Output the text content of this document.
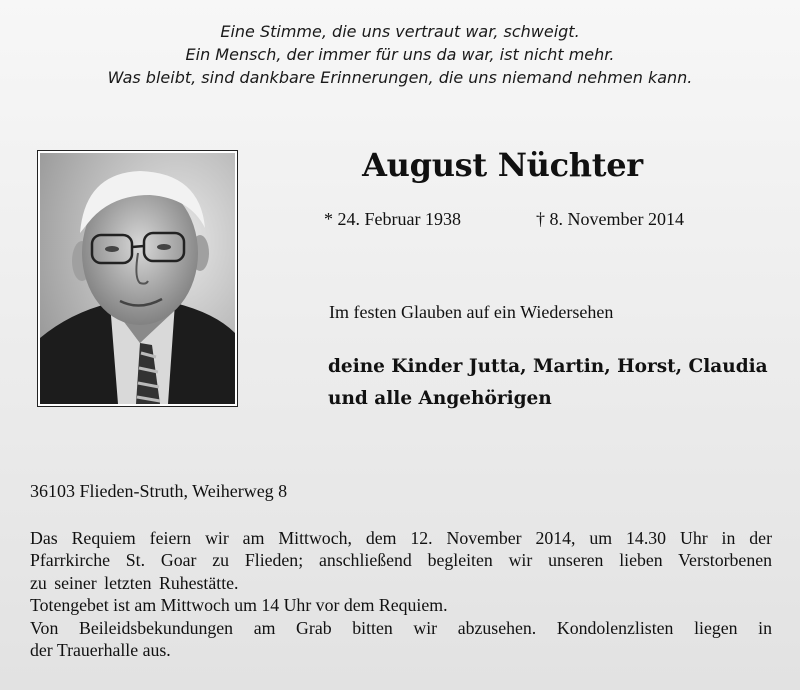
Eine Stimme, die uns vertraut war, schweigt.
Ein Mensch, der immer für uns da war, ist nicht mehr.
Was bleibt, sind dankbare Erinnerungen, die uns niemand nehmen kann.
August Nüchter
* 24. Februar 1938	† 8. November 2014
Im festen Glauben auf ein Wiedersehen
deine Kinder Jutta, Martin, Horst, Claudia
und alle Angehörigen
36103 Flieden-Struth, Weiherweg 8
Das Requiem feiern wir am Mittwoch, dem 12. November 2014, um 14.30 Uhr in der
Pfarrkirche St. Goar zu Flieden; anschließend begleiten wir unseren lieben Verstorbenen
zu seiner letzten Ruhestätte.
Totengebet ist am Mittwoch um 14 Uhr vor dem Requiem.
Von Beileidsbekundungen am Grab bitten wir abzusehen. Kondolenzlisten liegen in
der Trauerhalle aus.
